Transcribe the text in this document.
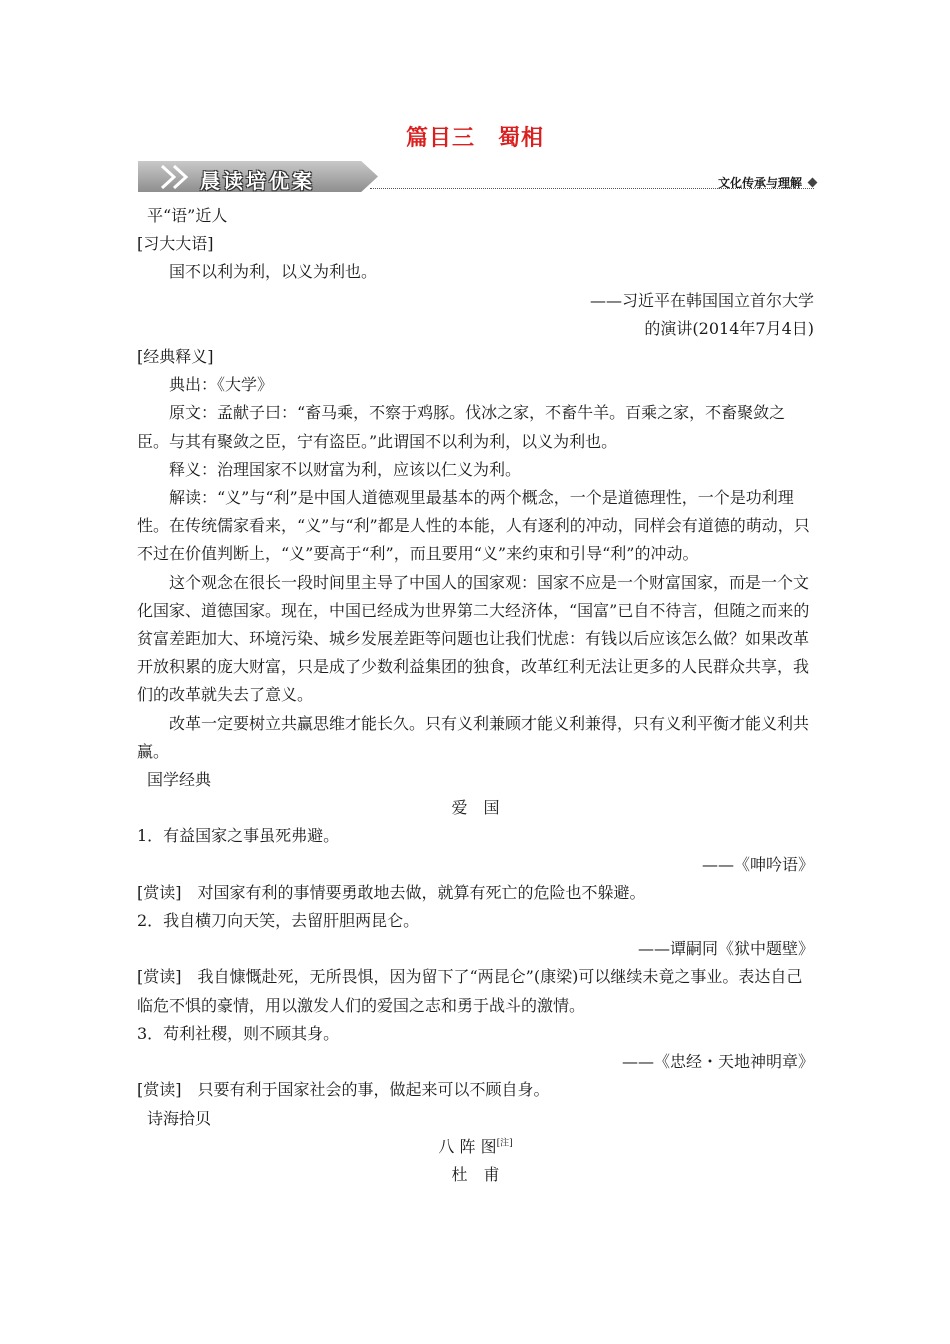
篇目三　蜀相
晨读培优案	文化传承与理解

平“语”近人

[习大大语]

国不以利为利，以义为利也。

——习近平在韩国国立首尔大学

的演讲(2014年7月4日)

[经典释义]

典出：《大学》

原文：孟献子曰：“畜马乘，不察于鸡豚。伐冰之家，不畜牛羊。百乘之家，不畜聚敛之臣。与其有聚敛之臣，宁有盗臣。”此谓国不以利为利，以义为利也。

释义：治理国家不以财富为利，应该以仁义为利。

解读：“义”与“利”是中国人道德观里最基本的两个概念，一个是道德理性，一个是功利理性。在传统儒家看来，“义”与“利”都是人性的本能，人有逐利的冲动，同样会有道德的萌动，只不过在价值判断上，“义”要高于“利”，而且要用“义”来约束和引导“利”的冲动。

这个观念在很长一段时间里主导了中国人的国家观：国家不应是一个财富国家，而是一个文化国家、道德国家。现在，中国已经成为世界第二大经济体，“国富”已自不待言，但随之而来的贫富差距加大、环境污染、城乡发展差距等问题也让我们忧虑：有钱以后应该怎么做？如果改革开放积累的庞大财富，只是成了少数利益集团的独食，改革红利无法让更多的人民群众共享，我们的改革就失去了意义。

改革一定要树立共赢思维才能长久。只有义利兼顾才能义利兼得，只有义利平衡才能义利共赢。

国学经典

爱　国

1．有益国家之事虽死弗避。

——《呻吟语》

[赏读]　对国家有利的事情要勇敢地去做，就算有死亡的危险也不躲避。

2．我自横刀向天笑，去留肝胆两昆仑。

——谭嗣同《狱中题壁》

[赏读]　我自慷慨赴死，无所畏惧，因为留下了“两昆仑”(康梁)可以继续未竟之事业。表达自己临危不惧的豪情，用以激发人们的爱国之志和勇于战斗的激情。

3．苟利社稷，则不顾其身。

——《忠经・天地神明章》

[赏读]　只要有利于国家社会的事，做起来可以不顾自身。

诗海拾贝

八 阵 图[注]

杜　甫
